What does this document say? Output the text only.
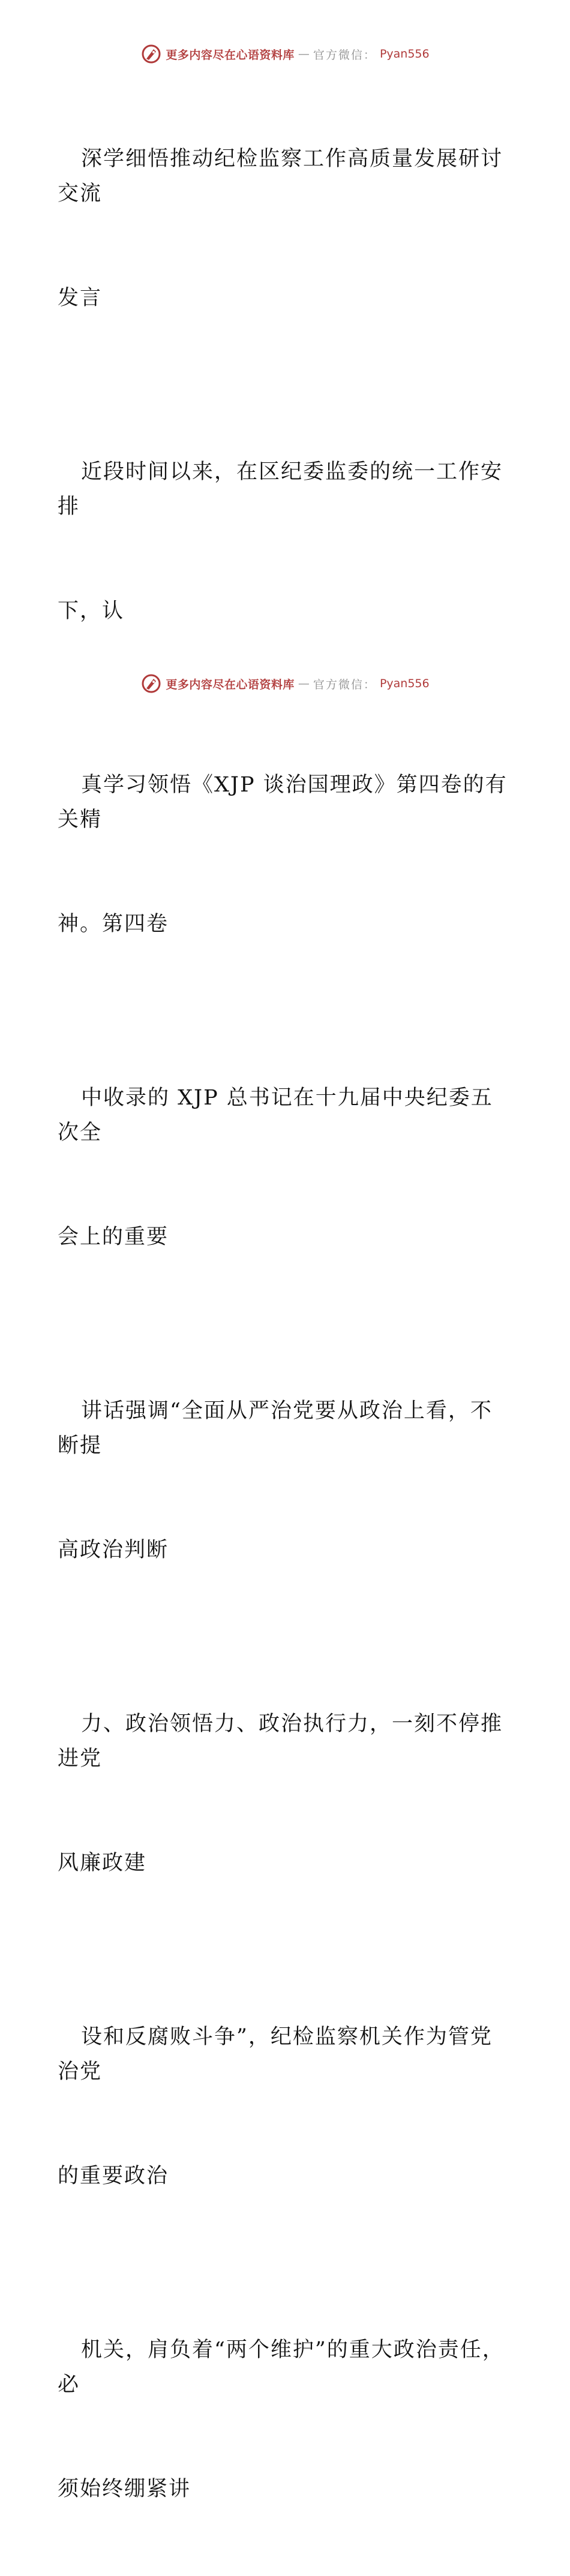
更多内容尽在心语资料库 — 官方微信： Pyan556

深学细悟推动纪检监察工作高质量发展研讨交流

发言

近段时间以来，在区纪委监委的统一工作安排

下，认

真学习领悟《XJP 谈治国理政》第四卷的有关精

神。第四卷

中收录的 XJP 总书记在十九届中央纪委五次全

会上的重要

讲话强调“全面从严治党要从政治上看，不断提

高政治判断

力、政治领悟力、政治执行力，一刻不停推进党

风廉政建

设和反腐败斗争”，纪检监察机关作为管党治党

的重要政治

机关，肩负着“两个维护”的重大政治责任，必

须始终绷紧讲

更多内容尽在心语资料库 — 官方微信： Pyan556
